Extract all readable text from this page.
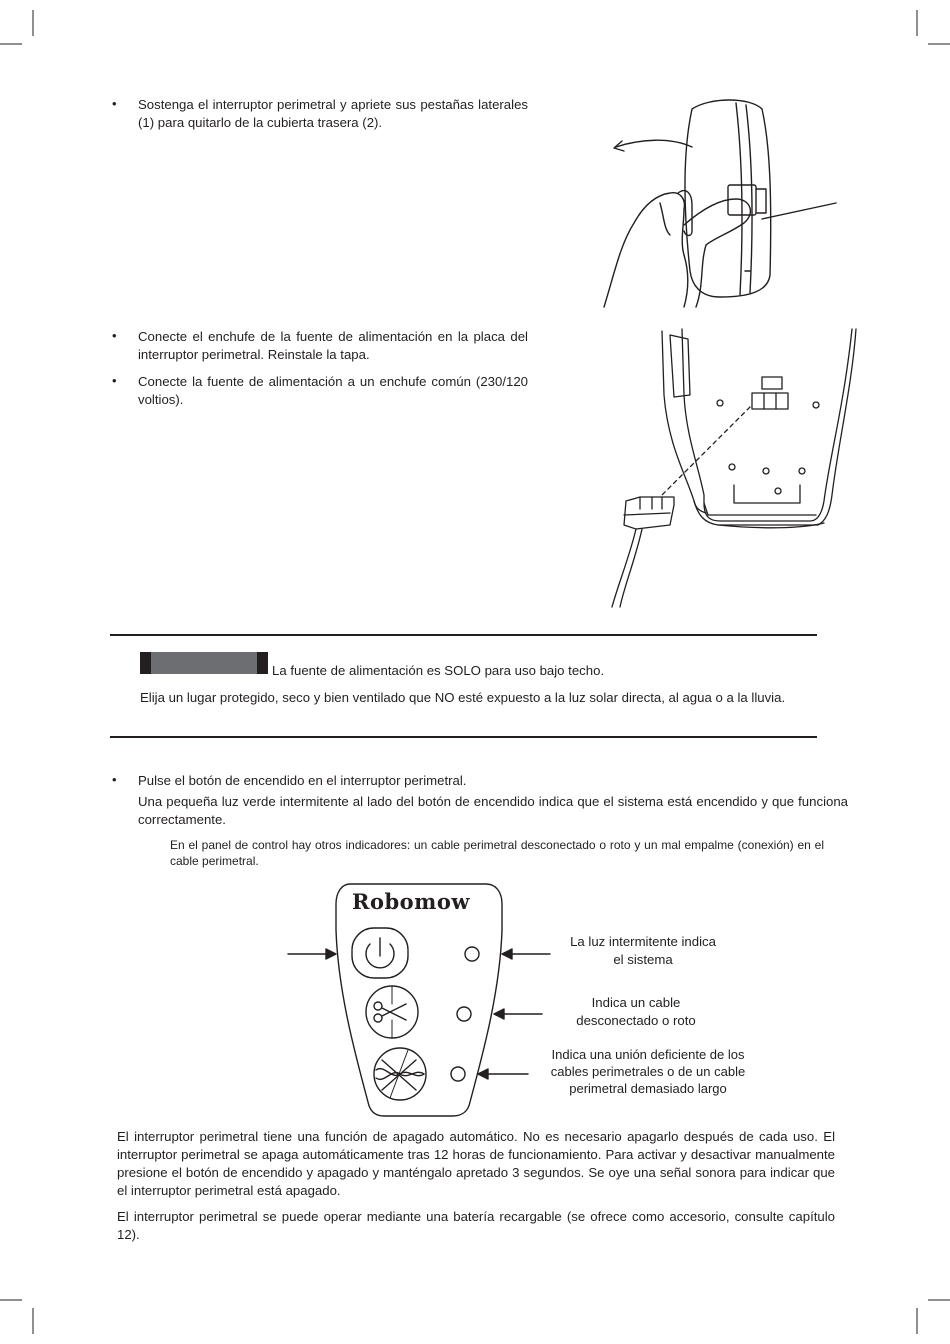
• Sostenga el interruptor perimetral y apriete sus pestañas laterales (1) para quitarlo de la cubierta trasera (2).
• Conecte el enchufe de la fuente de alimentación en la placa del interruptor perimetral. Reinstale la tapa.
• Conecte la fuente de alimentación a un enchufe común (230/120 voltios).
La fuente de alimentación es SOLO para uso bajo techo.
Elija un lugar protegido, seco y bien ventilado que NO esté expuesto a la luz solar directa, al agua o a la lluvia.
• Pulse el botón de encendido en el interruptor perimetral.
Una pequeña luz verde intermitente al lado del botón de encendido indica que el sistema está encendido y que funciona correctamente.
En el panel de control hay otros indicadores: un cable perimetral desconectado o roto y un mal empalme (conexión) en el cable perimetral.
Robomow
La luz intermitente indica
el sistema
Indica un cable
desconectado o roto
Indica una unión deficiente de los
cables perimetrales o de un cable
perimetral demasiado largo
El interruptor perimetral tiene una función de apagado automático. No es necesario apagarlo después de cada uso. El interruptor perimetral se apaga automáticamente tras 12 horas de funcionamiento. Para activar y desactivar manualmente presione el botón de encendido y apagado y manténgalo apretado 3 segundos. Se oye una señal sonora para indicar que el interruptor perimetral está apagado.
El interruptor perimetral se puede operar mediante una batería recargable (se ofrece como accesorio, consulte capítulo 12).
